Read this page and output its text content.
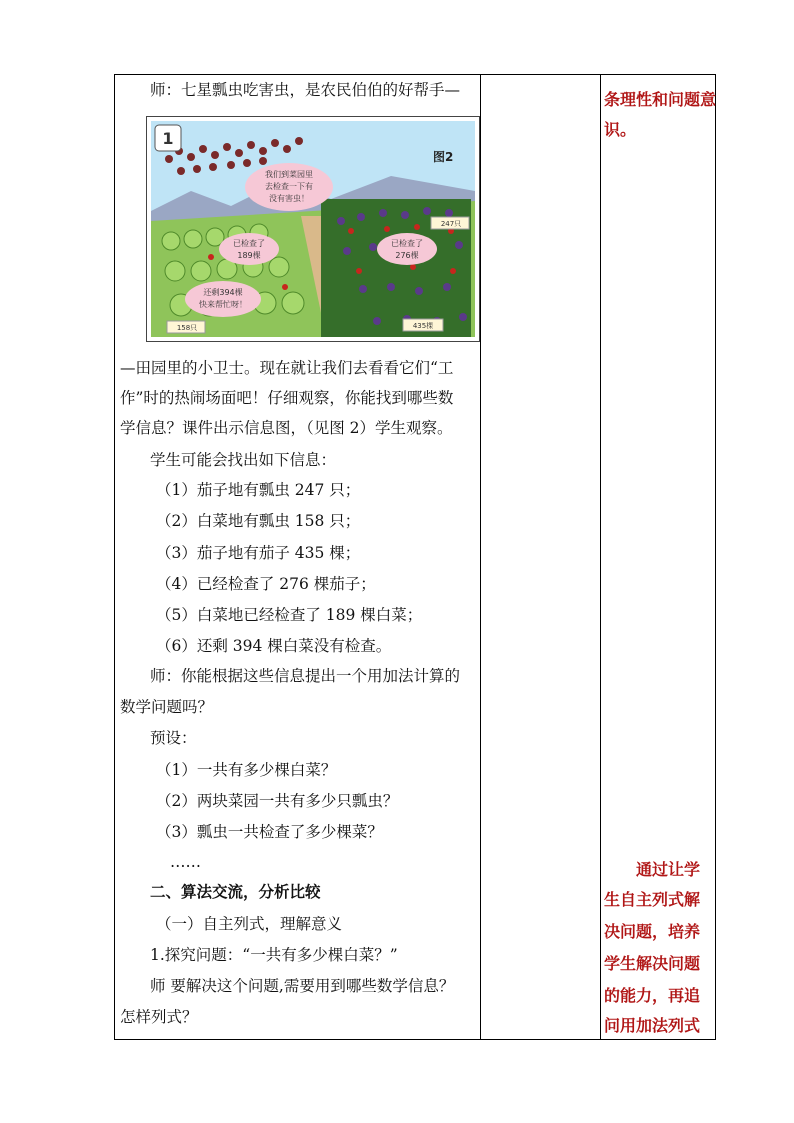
师：七星瓢虫吃害虫，是农民伯伯的好帮手—
1
图2
我们到菜园里
去检查一下有
没有害虫！
已检查了
189棵
已检查了
276棵
还剩394棵
快来帮忙呀！
247只
158只	435棵
—田园里的小卫士。现在就让我们去看看它们“工
作”时的热闹场面吧！仔细观察，你能找到哪些数
学信息？课件出示信息图，（见图 2）学生观察。
学生可能会找出如下信息：
（1）茄子地有瓢虫 247 只；
（2）白菜地有瓢虫 158 只；
（3）茄子地有茄子 435 棵；
（4）已经检查了 276 棵茄子；
（5）白菜地已经检查了 189 棵白菜；
（6）还剩 394 棵白菜没有检查。
师：你能根据这些信息提出一个用加法计算的
数学问题吗？
预设：
（1）一共有多少棵白菜？
（2）两块菜园一共有多少只瓢虫？
（3）瓢虫一共检查了多少棵菜？
……
二、算法交流，分析比较
（一）自主列式，理解意义
1.探究问题：“一共有多少棵白菜？”
师 要解决这个问题,需要用到哪些数学信息？
怎样列式？
条理性和问题意
识。
通过让学
生自主列式解
决问题，培养
学生解决问题
的能力，再追
问用加法列式
